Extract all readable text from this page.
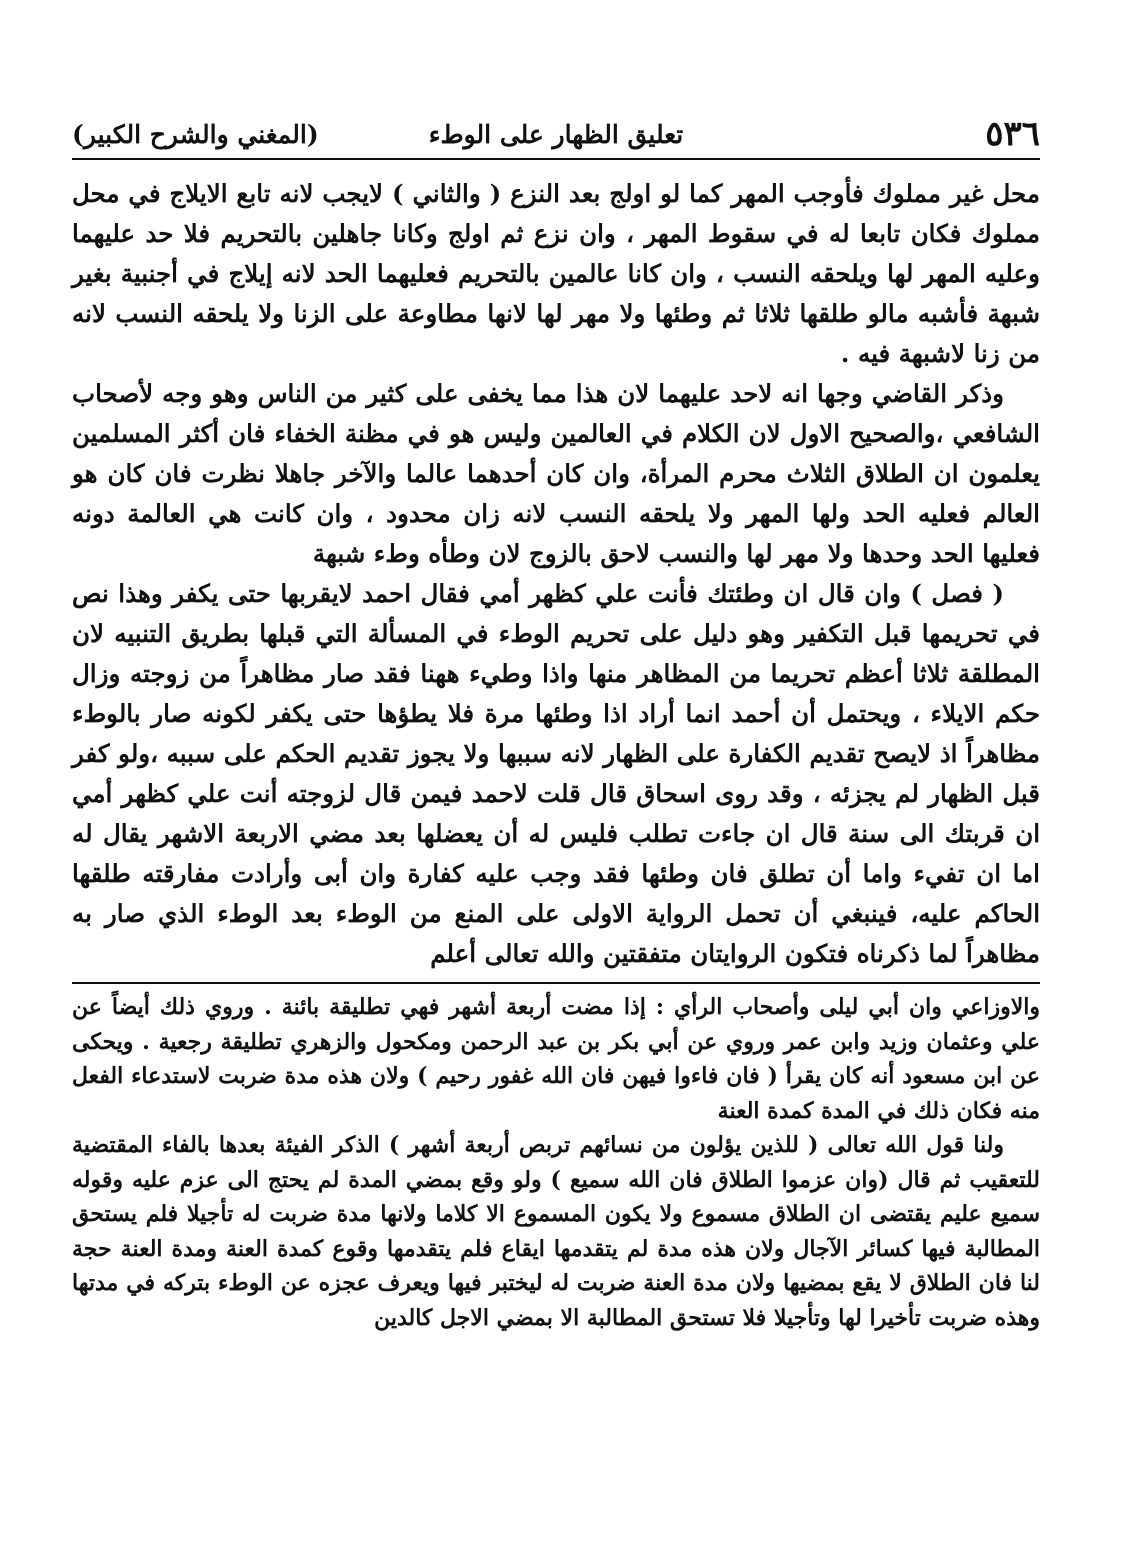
٥٣٦
تعليق الظهار على الوطء
(المغني والشرح الكبير)

محل غير مملوك فأوجب المهر كما لو اولج بعد النزع ( والثاني ) لايجب لانه تابع الايلاج في محل مملوك فكان تابعا له في سقوط المهر ، وان نزع ثم اولج وكانا جاهلين بالتحريم فلا حد عليهما وعليه المهر لها ويلحقه النسب ، وان كانا عالمين بالتحريم فعليهما الحد لانه إيلاج في أجنبية بغير شبهة فأشبه مالو طلقها ثلاثا ثم وطئها ولا مهر لها لانها مطاوعة على الزنا ولا يلحقه النسب لانه من زنا لاشبهة فيه .

وذكر القاضي وجها انه لاحد عليهما لان هذا مما يخفى على كثير من الناس وهو وجه لأصحاب الشافعي ،والصحيح الاول لان الكلام في العالمين وليس هو في مظنة الخفاء فان أكثر المسلمين يعلمون ان الطلاق الثلاث محرم المرأة، وان كان أحدهما عالما والآخر جاهلا نظرت فان كان هو العالم فعليه الحد ولها المهر ولا يلحقه النسب لانه زان محدود ، وان كانت هي العالمة دونه فعليها الحد وحدها ولا مهر لها والنسب لاحق بالزوج لان وطأه وطء شبهة

( فصل ) وان قال ان وطئتك فأنت علي كظهر أمي فقال احمد لايقربها حتى يكفر وهذا نص في تحريمها قبل التكفير وهو دليل على تحريم الوطء في المسألة التي قبلها بطريق التنبيه لان المطلقة ثلاثا أعظم تحريما من المظاهر منها واذا وطيء ههنا فقد صار مظاهراً من زوجته وزال حكم الايلاء ، ويحتمل أن أحمد انما أراد اذا وطئها مرة فلا يطؤها حتى يكفر لكونه صار بالوطء مظاهراً اذ لايصح تقديم الكفارة على الظهار لانه سببها ولا يجوز تقديم الحكم على سببه ،ولو كفر قبل الظهار لم يجزئه ، وقد روى اسحاق قال قلت لاحمد فيمن قال لزوجته أنت علي كظهر أمي ان قربتك الى سنة قال ان جاءت تطلب فليس له أن يعضلها بعد مضي الاربعة الاشهر يقال له اما ان تفيء واما أن تطلق فان وطئها فقد وجب عليه كفارة وان أبى وأرادت مفارقته طلقها الحاكم عليه، فينبغي أن تحمل الرواية الاولى على المنع من الوطء بعد الوطء الذي صار به مظاهراً لما ذكرناه فتكون الروايتان متفقتين والله تعالى أعلم

والاوزاعي وان أبي ليلى وأصحاب الرأي : إذا مضت أربعة أشهر فهي تطليقة بائنة . وروي ذلك أيضاً عن علي وعثمان وزيد وابن عمر وروي عن أبي بكر بن عبد الرحمن ومكحول والزهري تطليقة رجعية . ويحكى عن ابن مسعود أنه كان يقرأ ( فان فاءوا فيهن فان الله غفور رحيم ) ولان هذه مدة ضربت لاستدعاء الفعل منه فكان ذلك في المدة كمدة العنة

ولنا قول الله تعالى ( للذين يؤلون من نسائهم تربص أربعة أشهر ) الذكر الفيئة بعدها بالفاء المقتضية للتعقيب ثم قال (وان عزموا الطلاق فان الله سميع ) ولو وقع بمضي المدة لم يحتج الى عزم عليه وقوله سميع عليم يقتضى ان الطلاق مسموع ولا يكون المسموع الا كلاما ولانها مدة ضربت له تأجيلا فلم يستحق المطالبة فيها كسائر الآجال ولان هذه مدة لم يتقدمها ايقاع فلم يتقدمها وقوع كمدة العنة ومدة العنة حجة لنا فان الطلاق لا يقع بمضيها ولان مدة العنة ضربت له ليختبر فيها ويعرف عجزه عن الوطء بتركه في مدتها وهذه ضربت تأخيرا لها وتأجيلا فلا تستحق المطالبة الا بمضي الاجل كالدين
